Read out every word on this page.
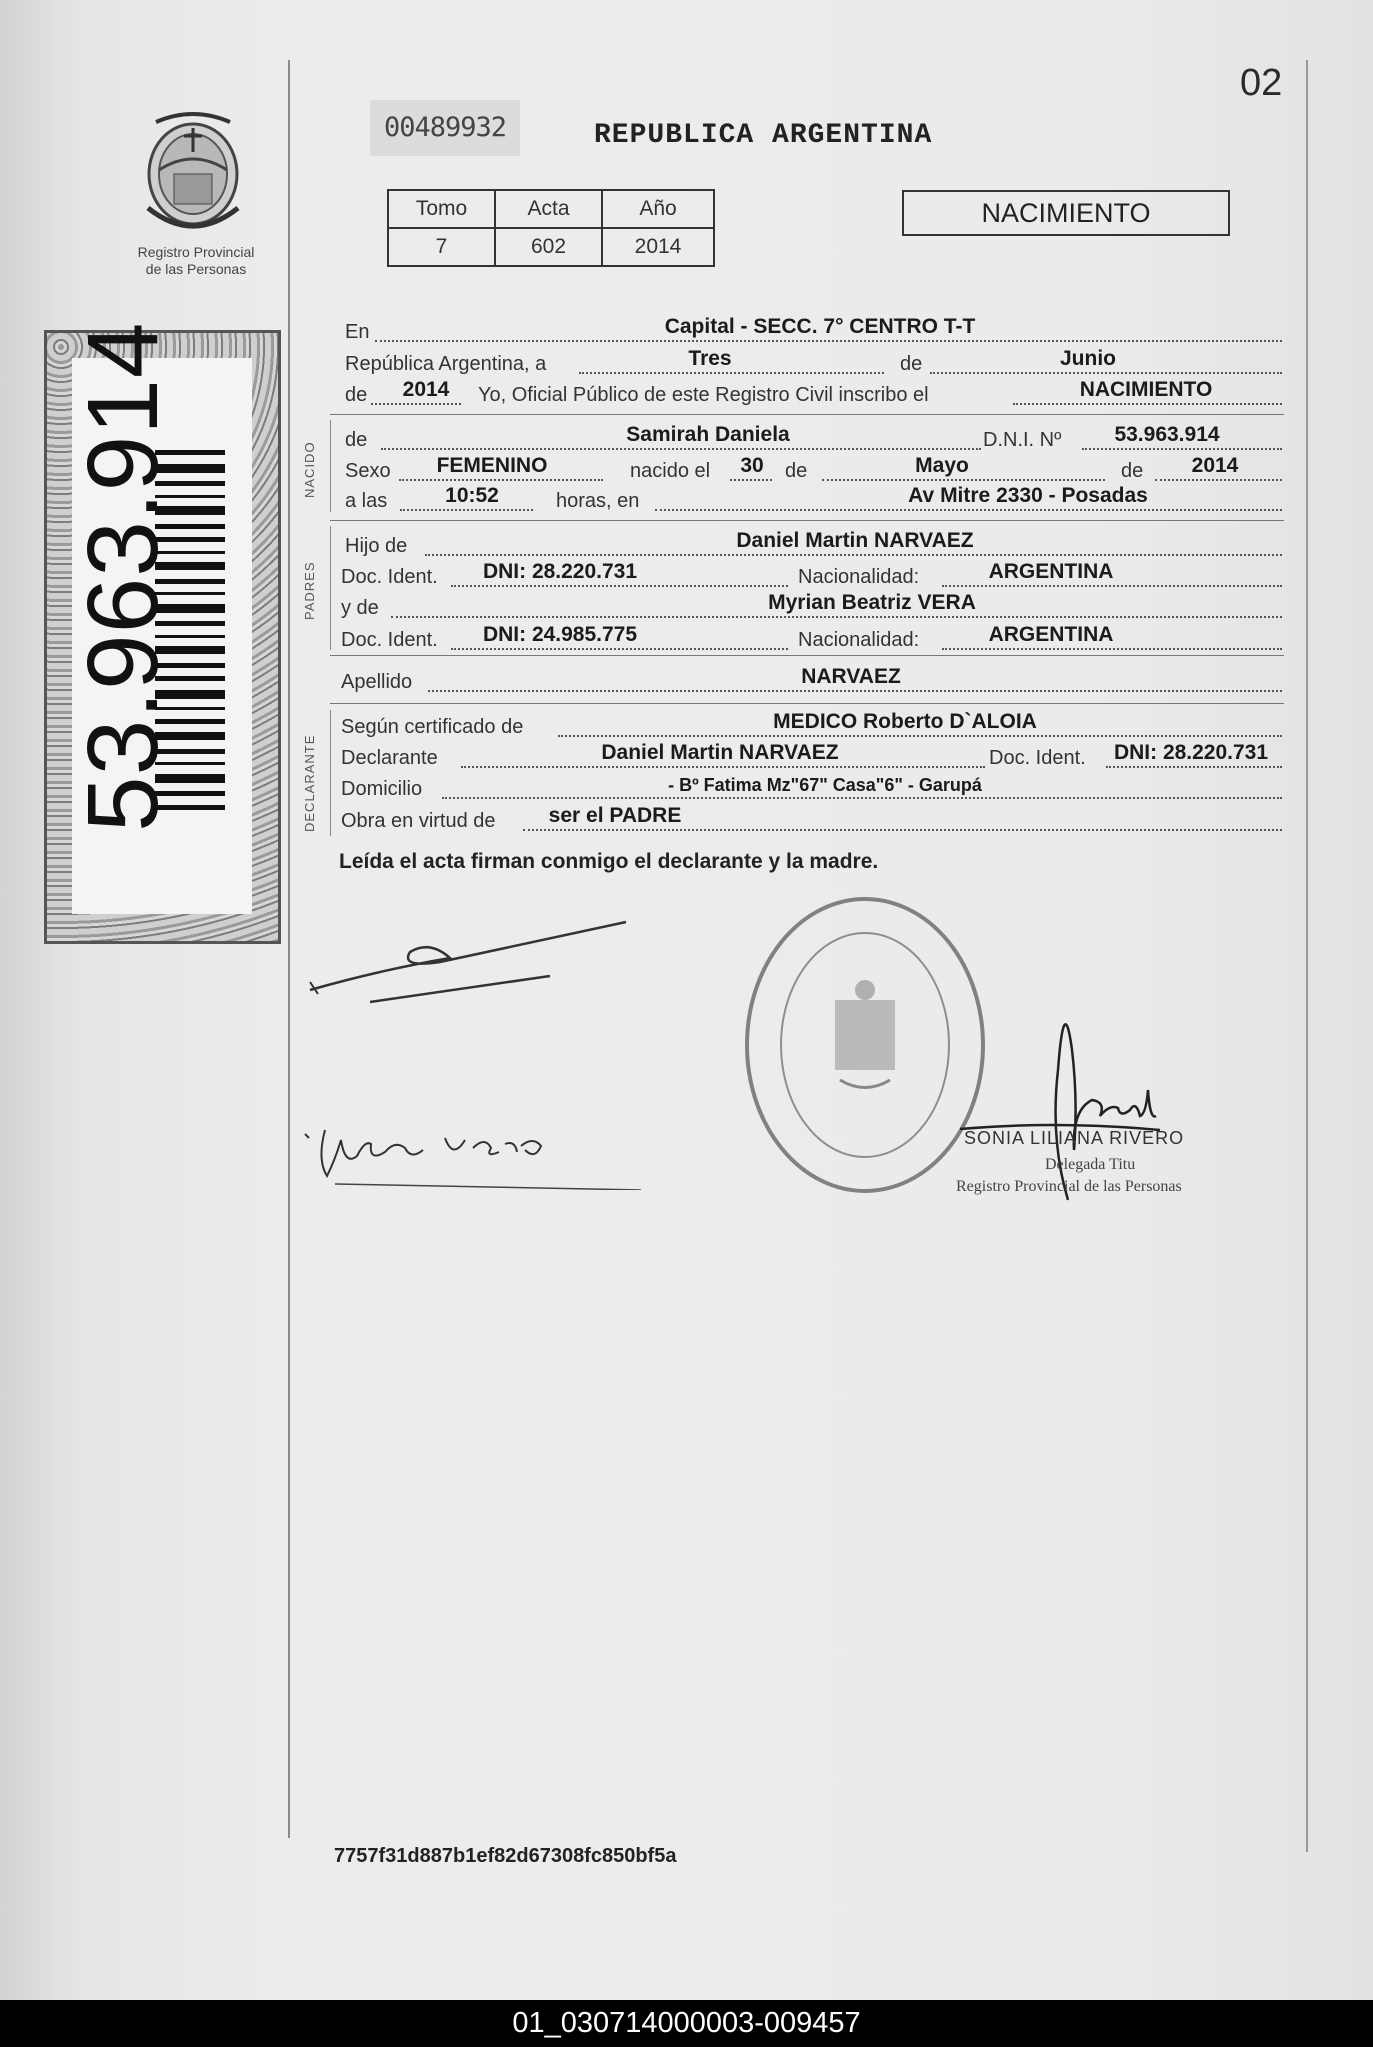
02
00489932	REPUBLICA ARGENTINA
Registro Provincial
de las Personas
53.963.914
Tomo	Acta	Año
7	602	2014
NACIMIENTO
En	Capital - SECC. 7° CENTRO T-T
República Argentina, a	Tres	de	Junio
de 2014 Yo, Oficial Público de este Registro Civil inscribo el	NACIMIENTO
NACIDO
de	Samirah Daniela	D.N.I. Nº	53.963.914
Sexo FEMENINO	nacido el 30 de	Mayo	de 2014
a las	10:52	horas, en	Av Mitre 2330 - Posadas
PADRES
Hijo de	Daniel Martin NARVAEZ
Doc. Ident. DNI: 28.220.731	Nacionalidad:	ARGENTINA
y de	Myrian Beatriz VERA
Doc. Ident. DNI: 24.985.775	Nacionalidad:	ARGENTINA
Apellido	NARVAEZ
DECLARANTE
Según certificado de	MEDICO Roberto D`ALOIA
Declarante	Daniel Martin NARVAEZ	Doc. Ident. DNI: 28.220.731
Domicilio	- Bº Fatima Mz"67" Casa"6" - Garupá
Obra en virtud de	ser el PADRE
Leída el acta firman conmigo el declarante y la madre.
SONIA LILIANA RIVERO
Delegada Titu
Registro Provincial de las Personas
7757f31d887b1ef82d67308fc850bf5a
01_030714000003-009457
